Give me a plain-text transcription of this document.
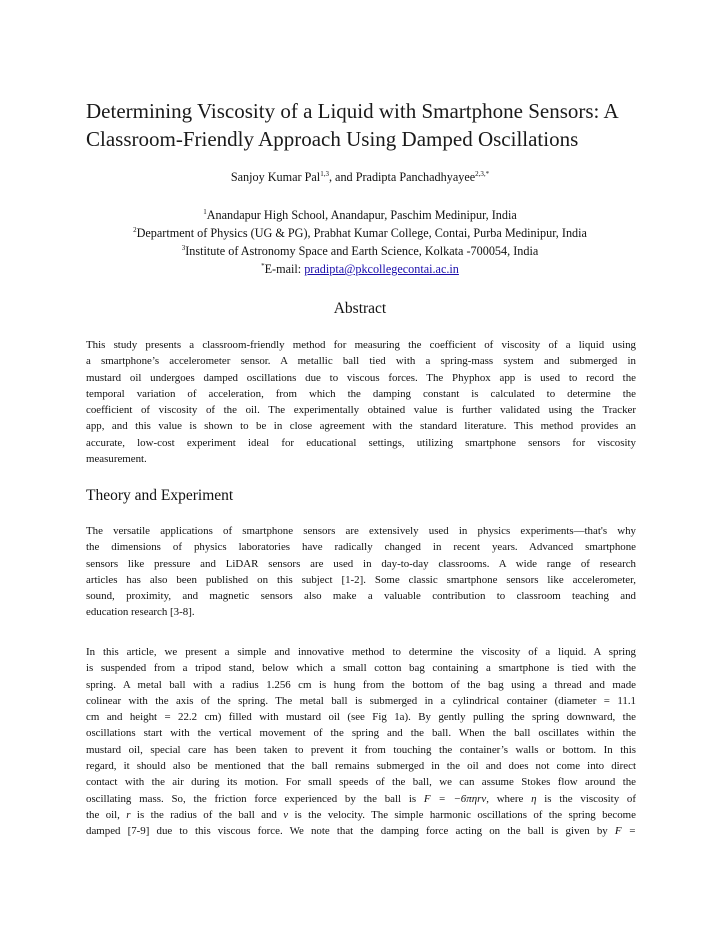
Determining Viscosity of a Liquid with Smartphone Sensors: A
Classroom-Friendly Approach Using Damped Oscillations
Sanjoy Kumar Pal$^{1,3}$, and Pradipta Panchadhyayee$^{2,3,*}$
$^1$Anandapur High School, Anandapur, Paschim Medinipur, India
$^2$Department of Physics (UG & PG), Prabhat Kumar College, Contai, Purba Medinipur, India
$^3$Institute of Astronomy Space and Earth Science, Kolkata -700054, India
*E-mail: pradipta@pkcollegecontai.ac.in
Abstract
This study presents a classroom-friendly method for measuring the coefficient of viscosity of a liquid using
a smartphone’s accelerometer sensor. A metallic ball tied with a spring-mass system and submerged in
mustard oil undergoes damped oscillations due to viscous forces. The Phyphox app is used to record the
temporal variation of acceleration, from which the damping constant is calculated to determine the
coefficient of viscosity of the oil. The experimentally obtained value is further validated using the Tracker
app, and this value is shown to be in close agreement with the standard literature. This method provides an
accurate, low-cost experiment ideal for educational settings, utilizing smartphone sensors for viscosity
measurement.
Theory and Experiment
The versatile applications of smartphone sensors are extensively used in physics experiments—that's why
the dimensions of physics laboratories have radically changed in recent years. Advanced smartphone
sensors like pressure and LiDAR sensors are used in day-to-day classrooms. A wide range of research
articles has also been published on this subject [1-2]. Some classic smartphone sensors like accelerometer,
sound, proximity, and magnetic sensors also make a valuable contribution to classroom teaching and
education research [3-8].
In this article, we present a simple and innovative method to determine the viscosity of a liquid. A spring
is suspended from a tripod stand, below which a small cotton bag containing a smartphone is tied with the
spring. A metal ball with a radius 1.256 cm is hung from the bottom of the bag using a thread and made
colinear with the axis of the spring. The metal ball is submerged in a cylindrical container (diameter = 11.1
cm and height = 22.2 cm) filled with mustard oil (see Fig 1a). By gently pulling the spring downward, the
oscillations start with the vertical movement of the spring and the ball. When the ball oscillates within the
mustard oil, special care has been taken to prevent it from touching the container’s walls or bottom. In this
regard, it should also be mentioned that the ball remains submerged in the oil and does not come into direct
contact with the air during its motion. For small speeds of the ball, we can assume Stokes flow around the
oscillating mass. So, the friction force experienced by the ball is F = −6πηrv, where η is the viscosity of
the oil, r is the radius of the ball and v is the velocity. The simple harmonic oscillations of the spring become
damped [7-9] due to this viscous force. We note that the damping force acting on the ball is given by F =
